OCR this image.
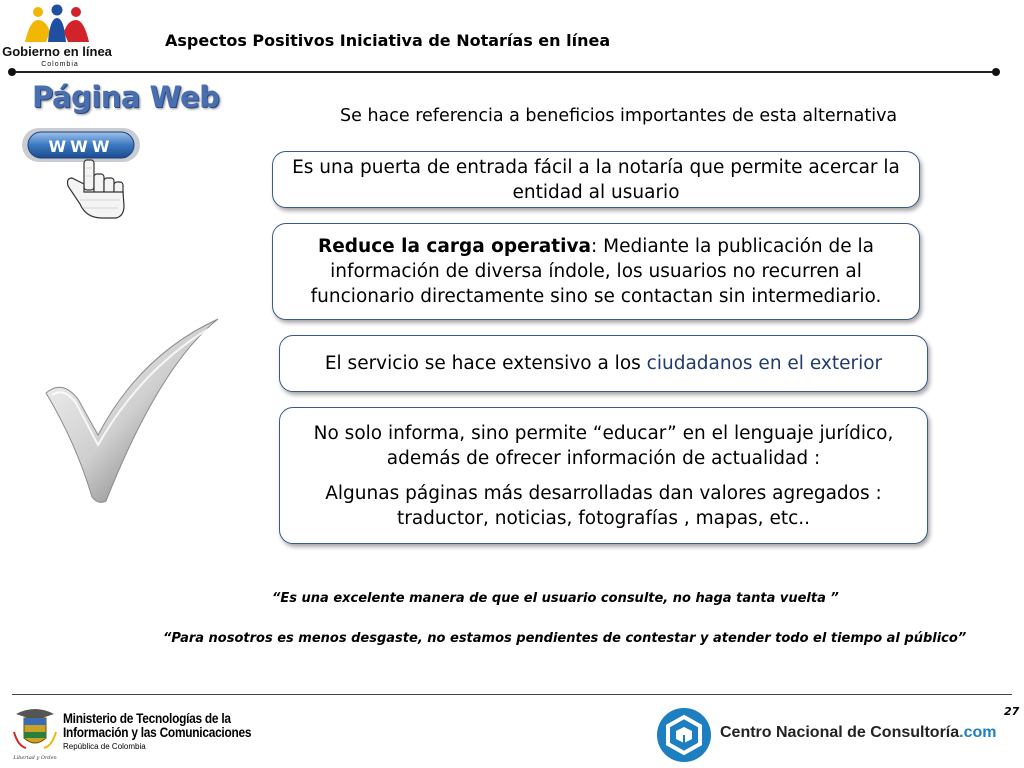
Gobierno en línea
Colombia
Aspectos Positivos Iniciativa de Notarías en línea
Página Web
WWW
Se hace referencia a beneficios importantes de esta alternativa
Es una puerta de entrada fácil a la notaría que permite acercar la entidad al usuario
Reduce la carga operativa: Mediante la publicación de la información de diversa índole, los usuarios no recurren al funcionario directamente sino se contactan sin intermediario.
El servicio se hace extensivo a los ciudadanos en el exterior
No solo informa, sino permite “educar” en el lenguaje jurídico, además de ofrecer información de actualidad :
Algunas páginas más desarrolladas dan valores agregados : traductor, noticias, fotografías , mapas, etc..
“Es una excelente manera de que el usuario consulte, no haga tanta vuelta ”
“Para nosotros es menos desgaste, no estamos pendientes de contestar y atender todo el tiempo al público”
27
Libertad y Orden
Ministerio de Tecnologías de la
Información y las Comunicaciones
República de Colombia
Centro Nacional de Consultoría.com
